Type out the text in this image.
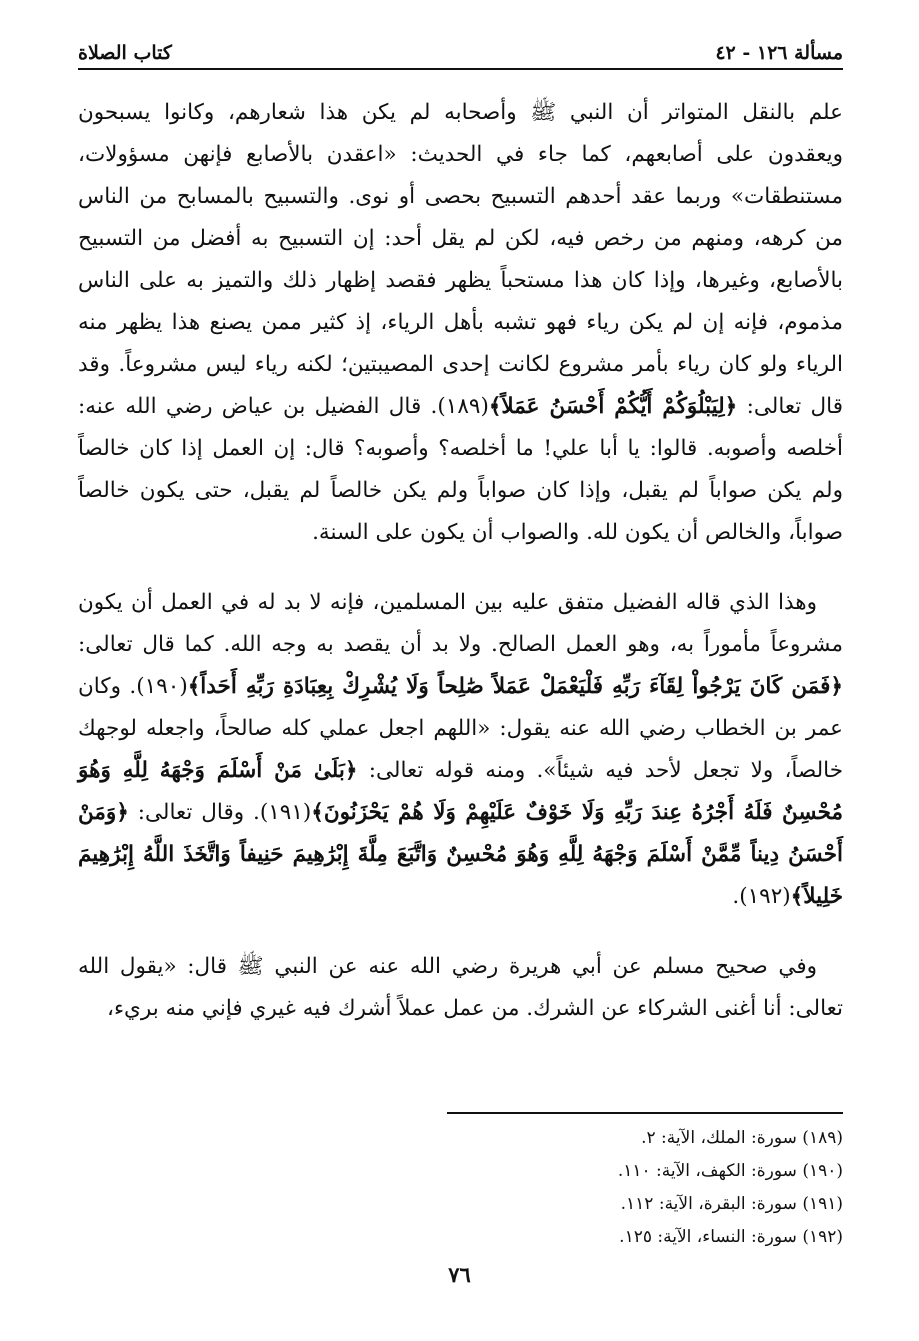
مسألة ١٢٦ - ٤٢
كتاب الصلاة

علم بالنقل المتواتر أن النبي ﷺ وأصحابه لم يكن هذا شعارهم، وكانوا يسبحون ويعقدون على أصابعهم، كما جاء في الحديث: «اعقدن بالأصابع فإنهن مسؤولات، مستنطقات» وربما عقد أحدهم التسبيح بحصى أو نوى. والتسبيح بالمسابح من الناس من كرهه، ومنهم من رخص فيه، لكن لم يقل أحد: إن التسبيح به أفضل من التسبيح بالأصابع، وغيرها، وإذا كان هذا مستحباً يظهر فقصد إظهار ذلك والتميز به على الناس مذموم، فإنه إن لم يكن رياء فهو تشبه بأهل الرياء، إذ كثير ممن يصنع هذا يظهر منه الرياء ولو كان رياء بأمر مشروع لكانت إحدى المصيبتين؛ لكنه رياء ليس مشروعاً. وقد قال تعالى: ﴿لِيَبْلُوَكُمْ أَيُّكُمْ أَحْسَنُ عَمَلاً﴾(١٨٩). قال الفضيل بن عياض رضي الله عنه: أخلصه وأصوبه. قالوا: يا أبا علي! ما أخلصه؟ وأصوبه؟ قال: إن العمل إذا كان خالصاً ولم يكن صواباً لم يقبل، وإذا كان صواباً ولم يكن خالصاً لم يقبل، حتى يكون خالصاً صواباً، والخالص أن يكون لله. والصواب أن يكون على السنة.

وهذا الذي قاله الفضيل متفق عليه بين المسلمين، فإنه لا بد له في العمل أن يكون مشروعاً مأموراً به، وهو العمل الصالح. ولا بد أن يقصد به وجه الله. كما قال تعالى: ﴿فَمَن كَانَ يَرْجُواْ لِقَآءَ رَبِّهِ فَلْيَعْمَلْ عَمَلاً صَٰلِحاً وَلَا يُشْرِكْ بِعِبَادَةِ رَبِّهِ أَحَداً﴾(١٩٠). وكان عمر بن الخطاب رضي الله عنه يقول: «اللهم اجعل عملي كله صالحاً، واجعله لوجهك خالصاً، ولا تجعل لأحد فيه شيئاً». ومنه قوله تعالى: ﴿بَلَىٰ مَنْ أَسْلَمَ وَجْهَهُ لِلَّهِ وَهُوَ مُحْسِنٌ فَلَهُ أَجْرُهُ عِندَ رَبِّهِ وَلَا خَوْفٌ عَلَيْهِمْ وَلَا هُمْ يَحْزَنُونَ﴾(١٩١). وقال تعالى: ﴿وَمَنْ أَحْسَنُ دِيناً مِّمَّنْ أَسْلَمَ وَجْهَهُ لِلَّهِ وَهُوَ مُحْسِنٌ وَاتَّبَعَ مِلَّةَ إِبْرَٰهِيمَ حَنِيفاً وَاتَّخَذَ اللَّهُ إِبْرَٰهِيمَ خَلِيلاً﴾(١٩٢).

وفي صحيح مسلم عن أبي هريرة رضي الله عنه عن النبي ﷺ قال: «يقول الله تعالى: أنا أغنى الشركاء عن الشرك. من عمل عملاً أشرك فيه غيري فإني منه بريء،

(١٨٩) سورة: الملك، الآية: ٢.
(١٩٠) سورة: الكهف، الآية: ١١٠.
(١٩١) سورة: البقرة، الآية: ١١٢.
(١٩٢) سورة: النساء، الآية: ١٢٥.
٧٦
